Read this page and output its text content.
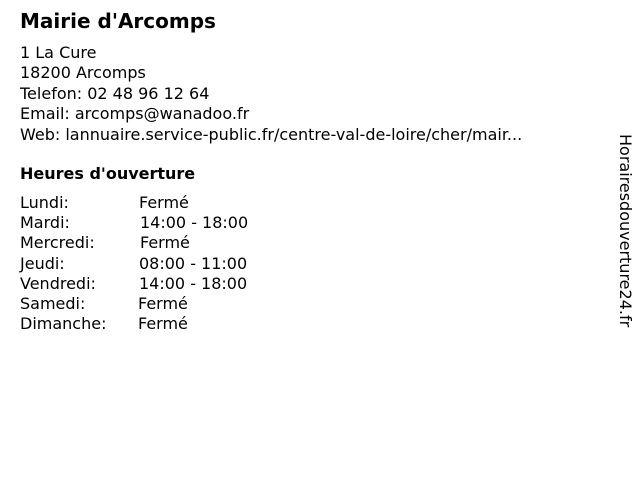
Mairie d'Arcomps
1 La Cure
18200 Arcomps
Telefon: 02 48 96 12 64
Email: arcomps@wanadoo.fr
Web: lannuaire.service-public.fr/centre-val-de-loire/cher/mair...
Heures d'ouverture
Lundi:	Fermé
Mardi:	14:00 - 18:00
Mercredi:	Fermé
Jeudi:	08:00 - 11:00
Vendredi:	14:00 - 18:00
Samedi:	Fermé
Dimanche: Fermé	Horairesdouverture24.fr
